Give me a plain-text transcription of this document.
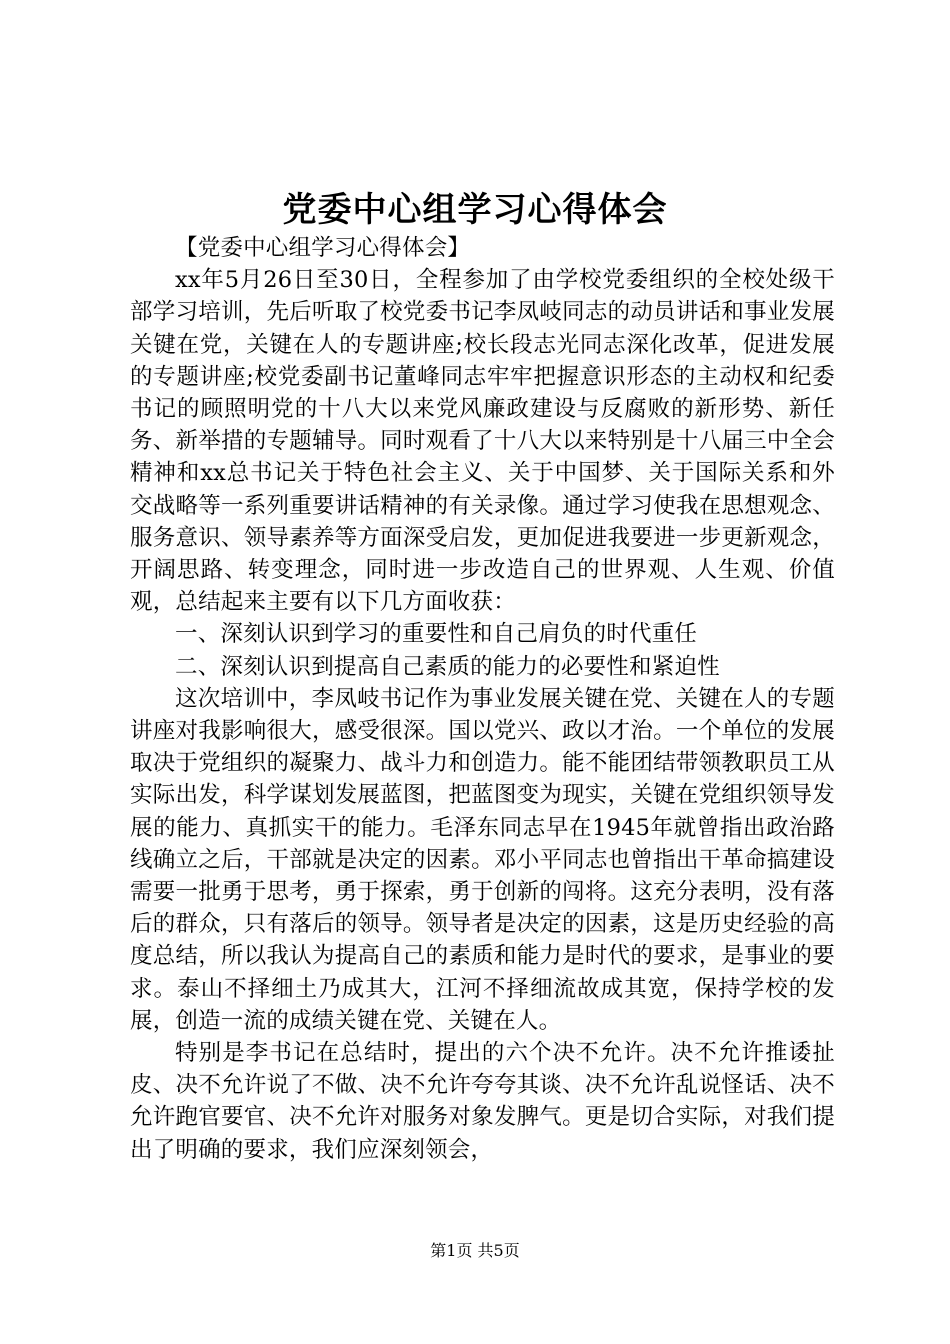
党委中心组学习心得体会

【党委中心组学习心得体会】

xx年5月26日至30日，全程参加了由学校党委组织的全校处级干部学习培训，先后听取了校党委书记李凤岐同志的动员讲话和事业发展关键在党，关键在人的专题讲座;校长段志光同志深化改革，促进发展的专题讲座;校党委副书记董峰同志牢牢把握意识形态的主动权和纪委书记的顾照明党的十八大以来党风廉政建设与反腐败的新形势、新任务、新举措的专题辅导。同时观看了十八大以来特别是十八届三中全会精神和xx总书记关于特色社会主义、关于中国梦、关于国际关系和外交战略等一系列重要讲话精神的有关录像。通过学习使我在思想观念、服务意识、领导素养等方面深受启发，更加促进我要进一步更新观念，开阔思路、转变理念，同时进一步改造自己的世界观、人生观、价值观，总结起来主要有以下几方面收获：

一、深刻认识到学习的重要性和自己肩负的时代重任

二、深刻认识到提高自己素质的能力的必要性和紧迫性

这次培训中，李凤岐书记作为事业发展关键在党、关键在人的专题讲座对我影响很大，感受很深。国以党兴、政以才治。一个单位的发展取决于党组织的凝聚力、战斗力和创造力。能不能团结带领教职员工从实际出发，科学谋划发展蓝图，把蓝图变为现实，关键在党组织领导发展的能力、真抓实干的能力。毛泽东同志早在1945年就曾指出政治路线确立之后，干部就是决定的因素。邓小平同志也曾指出干革命搞建设需要一批勇于思考，勇于探索，勇于创新的闯将。这充分表明，没有落后的群众，只有落后的领导。领导者是决定的因素，这是历史经验的高度总结，所以我认为提高自己的素质和能力是时代的要求，是事业的要求。泰山不择细土乃成其大，江河不择细流故成其宽，保持学校的发展，创造一流的成绩关键在党、关键在人。

特别是李书记在总结时，提出的六个决不允许。决不允许推诿扯皮、决不允许说了不做、决不允许夸夸其谈、决不允许乱说怪话、决不允许跑官要官、决不允许对服务对象发脾气。更是切合实际，对我们提出了明确的要求，我们应深刻领会，

第1页 共5页
